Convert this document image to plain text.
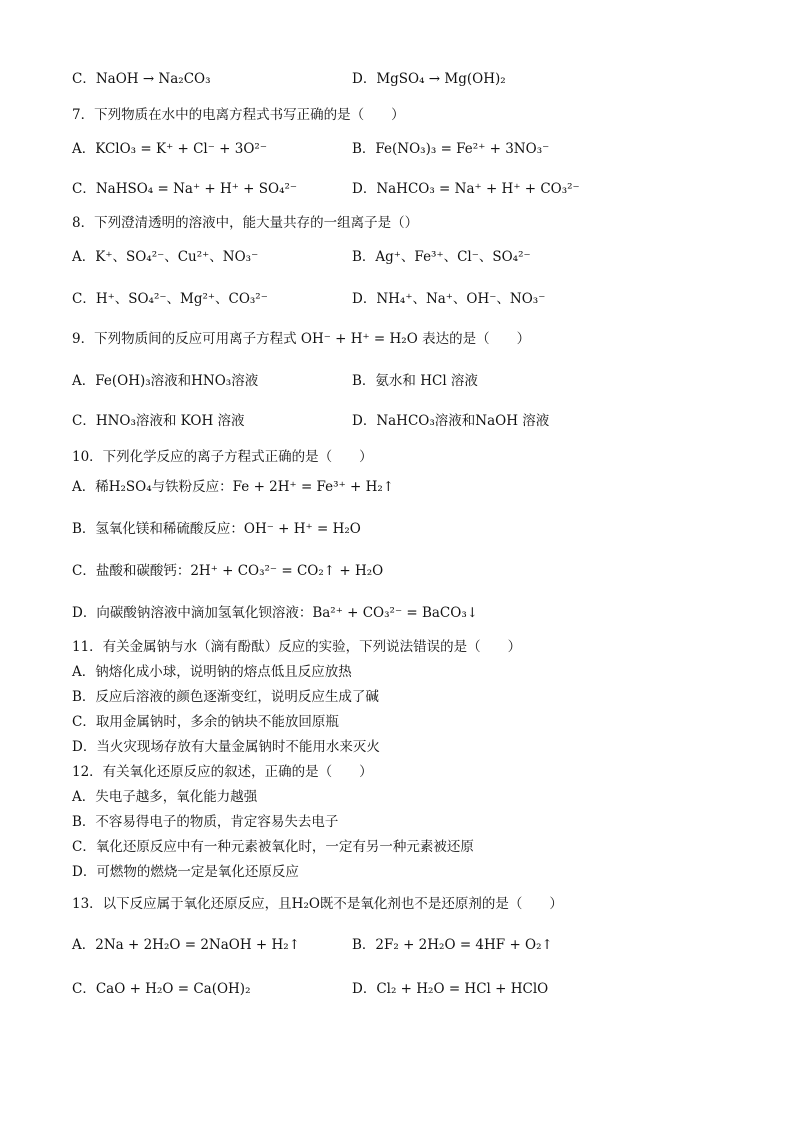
C．NaOH → Na₂CO₃	D．MgSO₄ → Mg(OH)₂
7．下列物质在水中的电离方程式书写正确的是（　　）
A．KClO₃ = K⁺ + Cl⁻ + 3O²⁻	B．Fe(NO₃)₃ = Fe²⁺ + 3NO₃⁻
C．NaHSO₄ = Na⁺ + H⁺ + SO₄²⁻	D．NaHCO₃ = Na⁺ + H⁺ + CO₃²⁻
8．下列澄清透明的溶液中，能大量共存的一组离子是（）
A．K⁺、SO₄²⁻、Cu²⁺、NO₃⁻	B．Ag⁺、Fe³⁺、Cl⁻、SO₄²⁻
C．H⁺、SO₄²⁻、Mg²⁺、CO₃²⁻	D．NH₄⁺、Na⁺、OH⁻、NO₃⁻
9．下列物质间的反应可用离子方程式 OH⁻ + H⁺ = H₂O 表达的是（　　）
A．Fe(OH)₃溶液和HNO₃溶液	B．氨水和 HCl 溶液
C．HNO₃溶液和 KOH 溶液	D．NaHCO₃溶液和NaOH 溶液
10．下列化学反应的离子方程式正确的是（　　）
A．稀H₂SO₄与铁粉反应：Fe + 2H⁺ = Fe³⁺ + H₂↑
B．氢氧化镁和稀硫酸反应：OH⁻ + H⁺ = H₂O
C．盐酸和碳酸钙：2H⁺ + CO₃²⁻ = CO₂↑ + H₂O
D．向碳酸钠溶液中滴加氢氧化钡溶液：Ba²⁺ + CO₃²⁻ = BaCO₃↓
11．有关金属钠与水（滴有酚酞）反应的实验，下列说法错误的是（　　）
A．钠熔化成小球，说明钠的熔点低且反应放热
B．反应后溶液的颜色逐渐变红，说明反应生成了碱
C．取用金属钠时，多余的钠块不能放回原瓶
D．当火灾现场存放有大量金属钠时不能用水来灭火
12．有关氧化还原反应的叙述，正确的是（　　）
A．失电子越多，氧化能力越强
B．不容易得电子的物质，肯定容易失去电子
C．氧化还原反应中有一种元素被氧化时，一定有另一种元素被还原
D．可燃物的燃烧一定是氧化还原反应
13．以下反应属于氧化还原反应，且H₂O既不是氧化剂也不是还原剂的是（　　）
A．2Na + 2H₂O = 2NaOH + H₂↑	B．2F₂ + 2H₂O = 4HF + O₂↑
C．CaO + H₂O = Ca(OH)₂	D．Cl₂ + H₂O = HCl + HClO
